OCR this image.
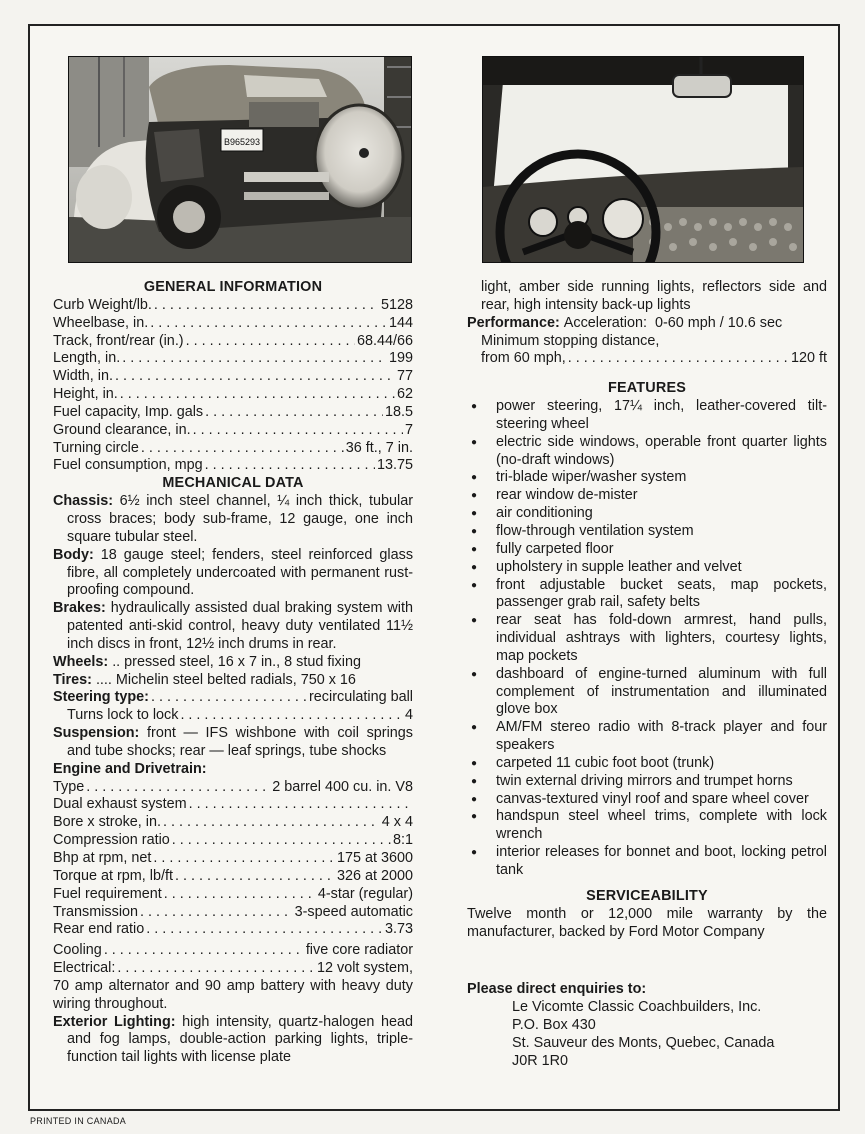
B965293
GENERAL INFORMATION
Curb Weight/lb. . . .	5128
Wheelbase, in. . . .	144
Track, front/rear (in.) . . .	68.44/66
Length, in. . . .	199
Width, in. . . .	77
Height, in. . . .	62
Fuel capacity, Imp. gals . . .	18.5
Ground clearance, in. . . .	7
Turning circle . . .	36 ft., 7 in.
Fuel consumption, mpg . . .	13.75
MECHANICAL DATA
Chassis: 6½ inch steel channel, ¼ inch thick, tubular cross braces; body sub-frame, 12 gauge, one inch square tubular steel.
Body: 18 gauge steel; fenders, steel reinforced glass fibre, all completely undercoated with permanent rust-proofing compound.
Brakes: hydraulically assisted dual braking system with patented anti-skid control, heavy duty ventilated 11½ inch discs in front, 12½ inch drums in rear.
Wheels:
.. pressed steel, 16 x 7 in., 8 stud fixing
Tires:
.... Michelin steel belted radials, 750 x 16
Steering type: . . .	recirculating ball
Turns lock to lock . . .	4
Suspension: front — IFS wishbone with coil springs and tube shocks; rear — leaf springs, tube shocks
Engine and Drivetrain:
Type . . .	2 barrel 400 cu. in. V8
Dual exhaust system
. . .
Bore x stroke, in. . . .	4 x 4
Compression ratio . . .	8:1
Bhp at rpm, net . . .	175 at 3600
Torque at rpm, lb/ft . . .	326 at 2000
Fuel requirement . . .	4-star (regular)
Transmission . . .	3-speed automatic
Rear end ratio . . .	3.73
Cooling . . .	five core radiator
Electrical: . . .	12 volt system,
70 amp alternator and 90 amp battery with heavy duty wiring throughout.
Exterior Lighting: high intensity, quartz-halogen head and fog lamps, double-action parking lights, triple-function tail lights with license plate
light, amber side running lights, reflectors side and rear, high intensity back-up lights
Performance:
Acceleration:
0-60 mph / 10.6 sec
Minimum stopping distance,
from 60 mph, . . .	120 ft
FEATURES
● power steering, 17¼ inch, leather-covered tilt-steering wheel
● electric side windows, operable front quarter lights (no-draft windows)
● tri-blade wiper/washer system
● rear window de-mister
● air conditioning
● flow-through ventilation system
● fully carpeted floor
● upholstery in supple leather and velvet
● front adjustable bucket seats, map pockets, passenger grab rail, safety belts
● rear seat has fold-down armrest, hand pulls, individual ashtrays with lighters, courtesy lights, map pockets
● dashboard of engine-turned aluminum with full complement of instrumentation and illuminated glove box
● AM/FM stereo radio with 8-track player and four speakers
● carpeted 11 cubic foot boot (trunk)
● twin external driving mirrors and trumpet horns
● canvas-textured vinyl roof and spare wheel cover
● handspun steel wheel trims, complete with lock wrench
● interior releases for bonnet and boot, locking petrol tank
SERVICEABILITY
Twelve month or 12,000 mile warranty by the manufacturer, backed by Ford Motor Company
Please direct enquiries to:
Le Vicomte Classic Coachbuilders, Inc.
P.O. Box 430
St. Sauveur des Monts, Quebec, Canada
J0R 1R0
PRINTED IN CANADA
